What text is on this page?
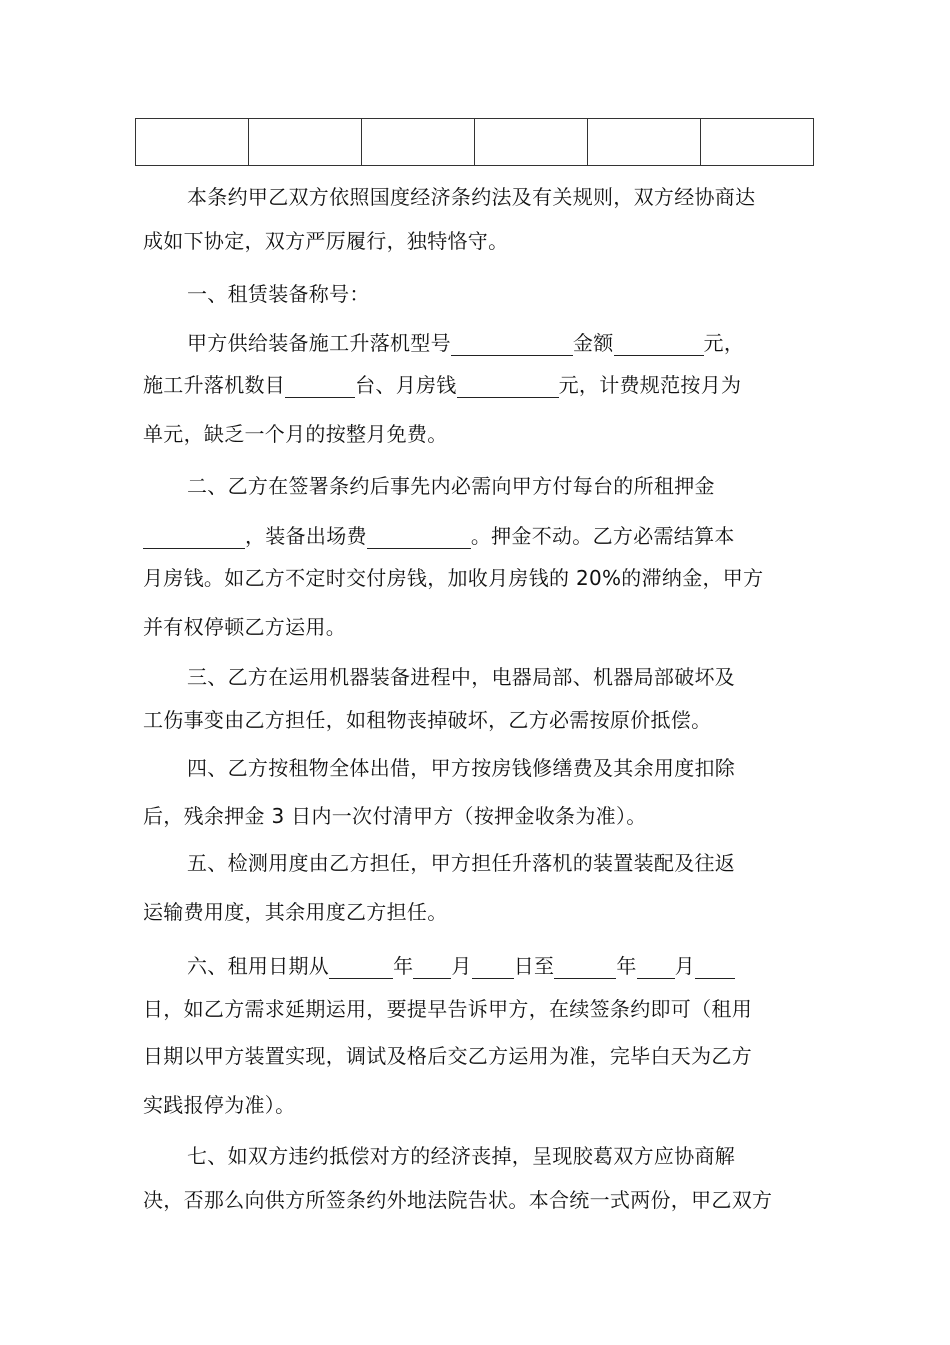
本条约甲乙双方依照国度经济条约法及有关规则，双方经协商达
成如下协定，双方严厉履行，独特恪守。
一、租赁装备称号：
甲方供给装备施工升落机型号	金额	元，
施工升落机数目	台、月房钱	元，计费规范按月为
单元，缺乏一个月的按整月免费。
二、乙方在签署条约后事先内必需向甲方付每台的所租押金
，装备出场费	。押金不动。乙方必需结算本
月房钱。如乙方不定时交付房钱，加收月房钱的 20%的滞纳金，甲方
并有权停顿乙方运用。
三、乙方在运用机器装备进程中，电器局部、机器局部破坏及
工伤事变由乙方担任，如租物丧掉破坏，乙方必需按原价抵偿。
四、乙方按租物全体出借，甲方按房钱修缮费及其余用度扣除
后，残余押金 3 日内一次付清甲方（按押金收条为准）。
五、检测用度由乙方担任，甲方担任升落机的装置装配及往返
运输费用度，其余用度乙方担任。
六、租用日期从	年 月 日至	年 月
日，如乙方需求延期运用，要提早告诉甲方，在续签条约即可（租用
日期以甲方装置实现，调试及格后交乙方运用为准，完毕白天为乙方
实践报停为准）。
七、如双方违约抵偿对方的经济丧掉，呈现胶葛双方应协商解
决，否那么向供方所签条约外地法院告状。本合统一式两份，甲乙双方
